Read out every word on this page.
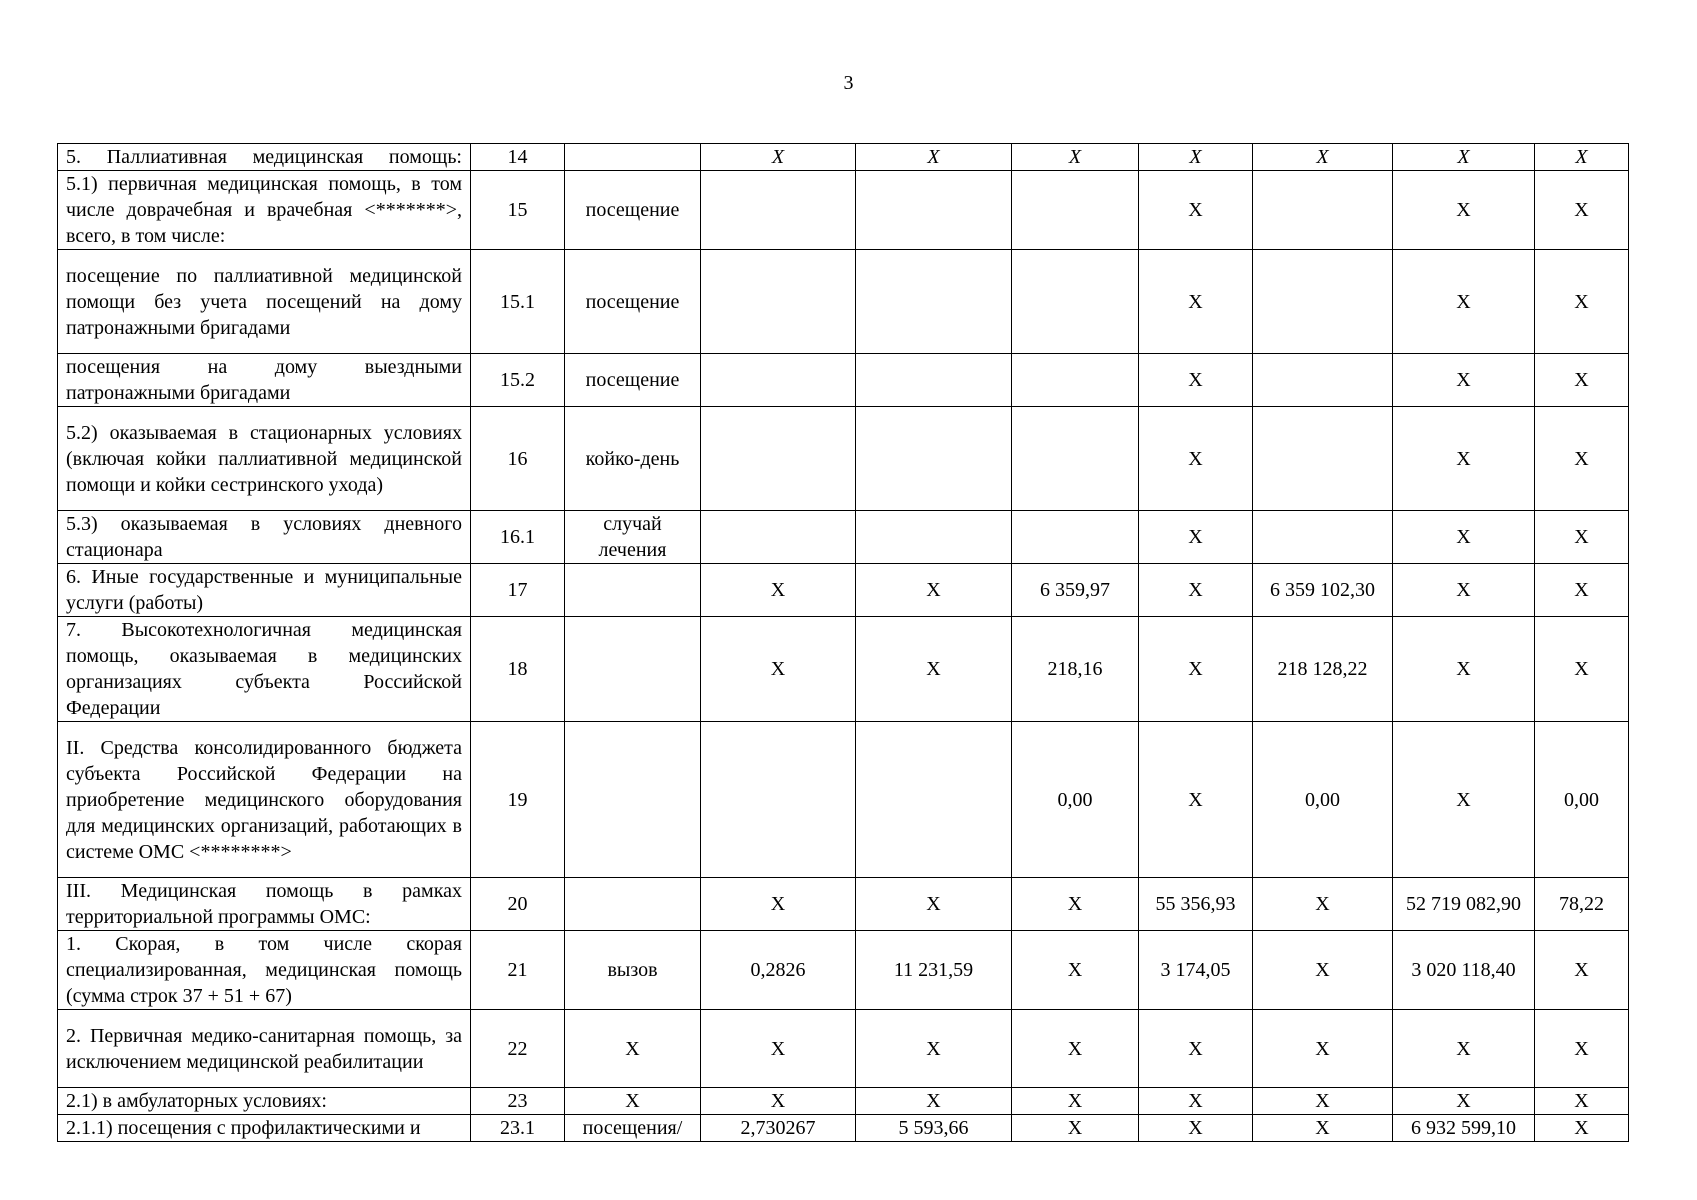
3
5. Паллиативная медицинская помощь:	14		X	X	X	X	X	X	X
5.1) первичная медицинская помощь, в том числе доврачебная и врачебная <*******>, всего, в том числе:	15	посещение				X		X	X
посещение по паллиативной медицинской помощи без учета посещений на дому патронажными бригадами	15.1	посещение				X		X	X
посещения на дому выездными патронажными бригадами	15.2	посещение				X		X	X
5.2) оказываемая в стационарных условиях (включая койки паллиативной медицинской помощи и койки сестринского ухода)	16	койко-день				X		X	X
5.3) оказываемая в условиях дневного стационара	16.1	случай лечения				X		X	X
6. Иные государственные и муниципальные услуги (работы)	17		X	X	6 359,97	X	6 359 102,30	X	X
7. Высокотехнологичная медицинская помощь, оказываемая в медицинских организациях субъекта Российской Федерации	18		X	X	218,16	X	218 128,22	X	X
II. Средства консолидированного бюджета субъекта Российской Федерации на приобретение медицинского оборудования для медицинских организаций, работающих в системе ОМС <********>	19				0,00	X	0,00	X	0,00
III. Медицинская помощь в рамках территориальной программы ОМС:	20		X	X	X	55 356,93	X	52 719 082,90	78,22
1. Скорая, в том числе скорая специализированная, медицинская помощь (сумма строк 37 + 51 + 67)	21	вызов	0,2826	11 231,59	X	3 174,05	X	3 020 118,40	X
2. Первичная медико-санитарная помощь, за исключением медицинской реабилитации	22	X	X	X	X	X	X	X	X
2.1) в амбулаторных условиях:	23	X	X	X	X	X	X	X	X
2.1.1) посещения с профилактическими и	23.1	посещения/	2,730267	5 593,66	X	X	X	6 932 599,10	X
